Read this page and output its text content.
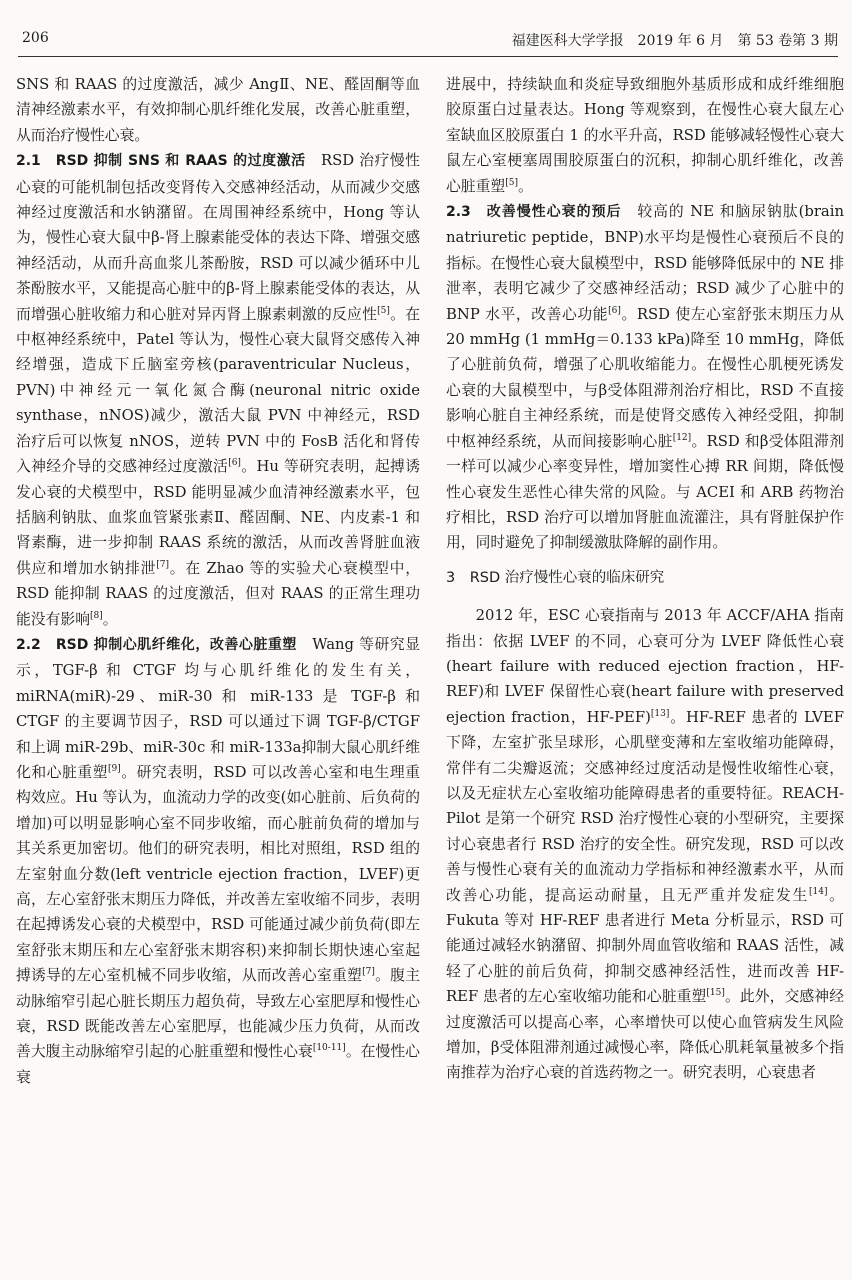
206	福建医科大学学报　2019 年 6 月　第 53 卷第 3 期

SNS 和 RAAS 的过度激活，减少 AngⅡ、NE、醛固酮等血清神经激素水平，有效抑制心肌纤维化发展，改善心脏重塑，从而治疗慢性心衰。

2.1　RSD 抑制 SNS 和 RAAS 的过度激活　 RSD 治疗慢性心衰的可能机制包括改变肾传入交感神经活动，从而减少交感神经过度激活和水钠潴留。在周围神经系统中，Hong 等认为，慢性心衰大鼠中β-肾上腺素能受体的表达下降、增强交感神经活动，从而升高血浆儿茶酚胺，RSD 可以减少循环中儿茶酚胺水平，又能提高心脏中的β-肾上腺素能受体的表达，从而增强心脏收缩力和心脏对异丙肾上腺素刺激的反应性[5]。在中枢神经系统中，Patel 等认为，慢性心衰大鼠肾交感传入神经增强，造成下丘脑室旁核(paraventricular Nucleus，PVN)中神经元一氧化氮合酶(neuronal nitric oxide synthase，nNOS)减少，激活大鼠 PVN 中神经元，RSD 治疗后可以恢复 nNOS，逆转 PVN 中的 FosB 活化和肾传入神经介导的交感神经过度激活[6]。Hu 等研究表明，起搏诱发心衰的犬模型中，RSD 能明显减少血清神经激素水平，包括脑利钠肽、血浆血管紧张素Ⅱ、醛固酮、NE、内皮素-1 和肾素酶，进一步抑制 RAAS 系统的激活，从而改善肾脏血液供应和增加水钠排泄[7]。在 Zhao 等的实验犬心衰模型中，RSD 能抑制 RAAS 的过度激活，但对 RAAS 的正常生理功能没有影响[8]。

2.2　RSD 抑制心肌纤维化，改善心脏重塑　 Wang 等研究显示，TGF-β 和 CTGF 均与心肌纤维化的发生有关，miRNA(miR)-29、miR-30 和 miR-133 是 TGF-β 和 CTGF 的主要调节因子，RSD 可以通过下调 TGF-β/CTGF 和上调 miR-29b、miR-30c 和 miR-133a抑制大鼠心肌纤维化和心脏重塑[9]。研究表明，RSD 可以改善心室和电生理重构效应。Hu 等认为，血流动力学的改变(如心脏前、后负荷的增加)可以明显影响心室不同步收缩，而心脏前负荷的增加与其关系更加密切。他们的研究表明，相比对照组，RSD 组的左室射血分数(left ventricle ejection fraction，LVEF)更高，左心室舒张末期压力降低，并改善左室收缩不同步，表明在起搏诱发心衰的犬模型中，RSD 可能通过减少前负荷(即左室舒张末期压和左心室舒张末期容积)来抑制长期快速心室起搏诱导的左心室机械不同步收缩，从而改善心室重塑[7]。腹主动脉缩窄引起心脏长期压力超负荷，导致左心室肥厚和慢性心衰，RSD 既能改善左心室肥厚，也能减少压力负荷，从而改善大腹主动脉缩窄引起的心脏重塑和慢性心衰[10-11]。在慢性心衰

进展中，持续缺血和炎症导致细胞外基质形成和成纤维细胞胶原蛋白过量表达。Hong 等观察到，在慢性心衰大鼠左心室缺血区胶原蛋白 1 的水平升高，RSD 能够减轻慢性心衰大鼠左心室梗塞周围胶原蛋白的沉积，抑制心肌纤维化，改善心脏重塑[5]。

2.3　改善慢性心衰的预后　 较高的 NE 和脑尿钠肽(brain natriuretic peptide，BNP)水平均是慢性心衰预后不良的指标。在慢性心衰大鼠模型中，RSD 能够降低尿中的 NE 排泄率，表明它减少了交感神经活动；RSD 减少了心脏中的 BNP 水平，改善心功能[6]。RSD 使左心室舒张末期压力从 20 mmHg (1 mmHg＝0.133 kPa)降至 10 mmHg，降低了心脏前负荷，增强了心肌收缩能力。在慢性心肌梗死诱发心衰的大鼠模型中，与β受体阻滞剂治疗相比，RSD 不直接影响心脏自主神经系统，而是使肾交感传入神经受阻，抑制中枢神经系统，从而间接影响心脏[12]。RSD 和β受体阻滞剂一样可以减少心率变异性，增加窦性心搏 RR 间期，降低慢性心衰发生恶性心律失常的风险。与 ACEI 和 ARB 药物治疗相比，RSD 治疗可以增加肾脏血流灌注，具有肾脏保护作用，同时避免了抑制缓激肽降解的副作用。

3　RSD 治疗慢性心衰的临床研究

2012 年，ESC 心衰指南与 2013 年 ACCF/AHA 指南指出：依据 LVEF 的不同，心衰可分为 LVEF 降低性心衰(heart failure with reduced ejection fraction，HF-REF)和 LVEF 保留性心衰(heart failure with preserved ejection fraction，HF-PEF)[13]。HF-REF 患者的 LVEF 下降，左室扩张呈球形，心肌壁变薄和左室收缩功能障碍，常伴有二尖瓣返流；交感神经过度活动是慢性收缩性心衰，以及无症状左心室收缩功能障碍患者的重要特征。REACH-Pilot 是第一个研究 RSD 治疗慢性心衰的小型研究，主要探讨心衰患者行 RSD 治疗的安全性。研究发现，RSD 可以改善与慢性心衰有关的血流动力学指标和神经激素水平，从而改善心功能，提高运动耐量，且无严重并发症发生[14]。Fukuta 等对 HF-REF 患者进行 Meta 分析显示，RSD 可能通过减轻水钠潴留、抑制外周血管收缩和 RAAS 活性，减轻了心脏的前后负荷，抑制交感神经活性，进而改善 HF-REF 患者的左心室收缩功能和心脏重塑[15]。此外，交感神经过度激活可以提高心率，心率增快可以使心血管病发生风险增加，β受体阻滞剂通过减慢心率，降低心肌耗氧量被多个指南推荐为治疗心衰的首选药物之一。研究表明，心衰患者
